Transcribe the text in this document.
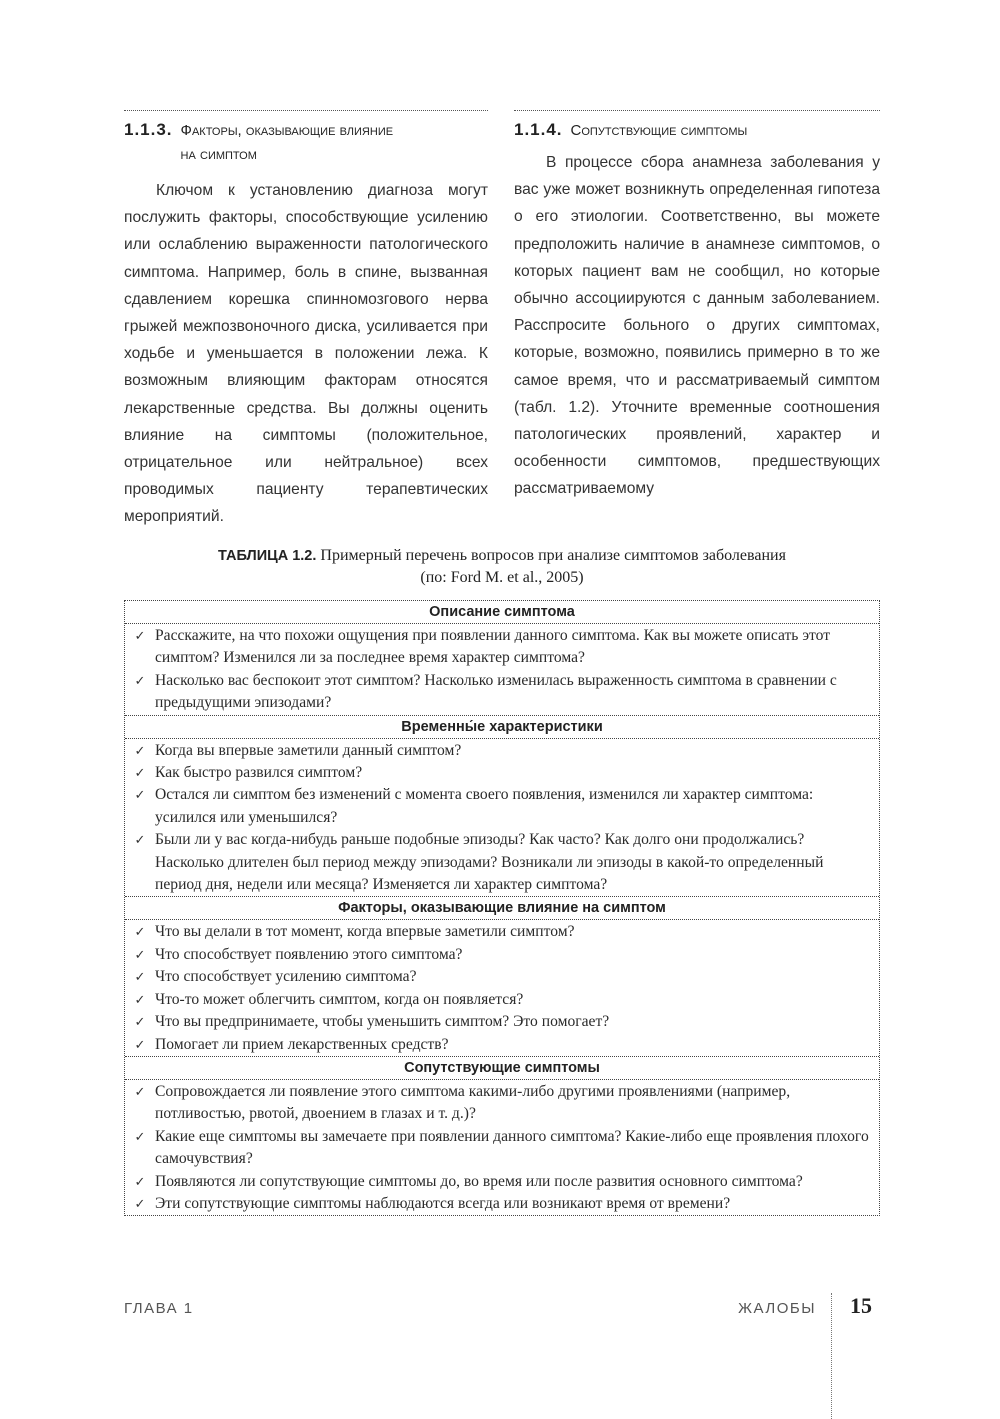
1.1.3. Факторы, оказывающие влияние
на симптом
Ключом к установлению диагноза могут послужить факторы, способствующие усилению или ослаблению выраженности патологического симптома. Например, боль в спине, вызванная сдавлением корешка спинномозгового нерва грыжей межпозвоночного диска, усиливается при ходьбе и уменьшается в положении лежа. К возможным влияющим факторам относятся лекарственные средства. Вы должны оценить влияние на симптомы (положительное, отрицательное или нейтральное) всех проводимых пациенту терапевтических мероприятий.
1.1.4. Сопутствующие симптомы
В процессе сбора анамнеза заболевания у вас уже может возникнуть определенная гипотеза о его этиологии. Соответственно, вы можете предположить наличие в анамнезе симптомов, о которых пациент вам не сообщил, но которые обычно ассоциируются с данным заболеванием. Расспросите больного о других симптомах, которые, возможно, появились примерно в то же самое время, что и рассматриваемый симптом (табл. 1.2). Уточните временные соотношения патологических проявлений, характер и особенности симптомов, предшествующих рассматриваемому
ТАБЛИЦА 1.2. Примерный перечень вопросов при анализе симптомов заболевания
(по: Ford M. et al., 2005)
Описание симптома
✓ Расскажите, на что похожи ощущения при появлении данного симптома. Как вы можете описать этот симптом? Изменился ли за последнее время характер симптома?
✓ Насколько вас беспокоит этот симптом? Насколько изменилась выраженность симптома в сравнении с предыдущими эпизодами?
Временны́е характеристики
✓ Когда вы впервые заметили данный симптом?
✓ Как быстро развился симптом?
✓ Остался ли симптом без изменений с момента своего появления, изменился ли характер симптома: усилился или уменьшился?
✓ Были ли у вас когда-нибудь раньше подобные эпизоды? Как часто? Как долго они продолжались? Насколько длителен был период между эпизодами? Возникали ли эпизоды в какой-то определенный период дня, недели или месяца? Изменяется ли характер симптома?
Факторы, оказывающие влияние на симптом
✓ Что вы делали в тот момент, когда впервые заметили симптом?
✓ Что способствует появлению этого симптома?
✓ Что способствует усилению симптома?
✓ Что-то может облегчить симптом, когда он появляется?
✓ Что вы предпринимаете, чтобы уменьшить симптом? Это помогает?
✓ Помогает ли прием лекарственных средств?
Сопутствующие симптомы
✓ Сопровождается ли появление этого симптома какими-либо другими проявлениями (например, потливостью, рвотой, двоением в глазах и т. д.)?
✓ Какие еще симптомы вы замечаете при появлении данного симптома? Какие-либо еще проявления плохого самочувствия?
✓ Появляются ли сопутствующие симптомы до, во время или после развития основного симптома?
✓ Эти сопутствующие симптомы наблюдаются всегда или возникают время от времени?
ГЛАВА 1	ЖАЛОБЫ 15
